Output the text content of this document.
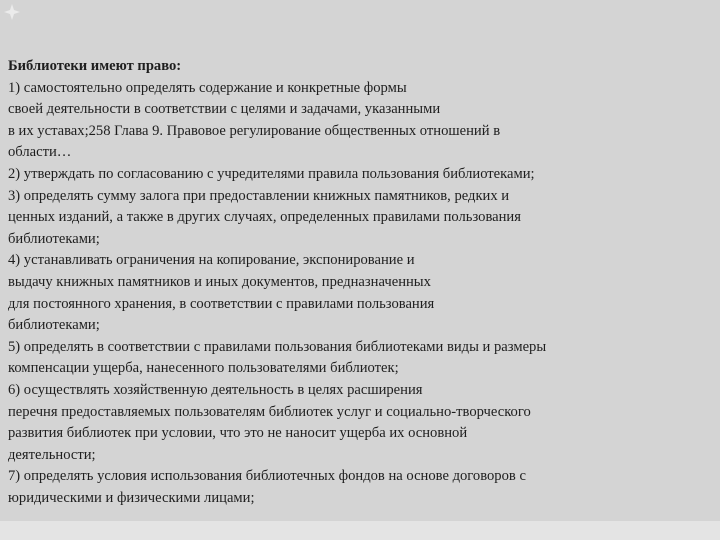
Библиотеки имеют право:
1) самостоятельно определять содержание и конкретные формы
своей деятельности в соответствии с целями и задачами, указанными
в их уставах;258 Глава 9. Правовое регулирование общественных отношений в
области…
2) утверждать по согласованию с учредителями правила пользования библиотеками;
3) определять сумму залога при предоставлении книжных памятников, редких и
ценных изданий, а также в других случаях, определенных правилами пользования
библиотеками;
4) устанавливать ограничения на копирование, экспонирование и
выдачу книжных памятников и иных документов, предназначенных
для постоянного хранения, в соответствии с правилами пользования
библиотеками;
5) определять в соответствии с правилами пользования библиотеками виды и размеры
компенсации ущерба, нанесенного пользователями библиотек;
6) осуществлять хозяйственную деятельность в целях расширения
перечня предоставляемых пользователям библиотек услуг и социально-творческого
развития библиотек при условии, что это не наносит ущерба их основной
деятельности;
7) определять условия использования библиотечных фондов на основе договоров с
юридическими и физическими лицами;
